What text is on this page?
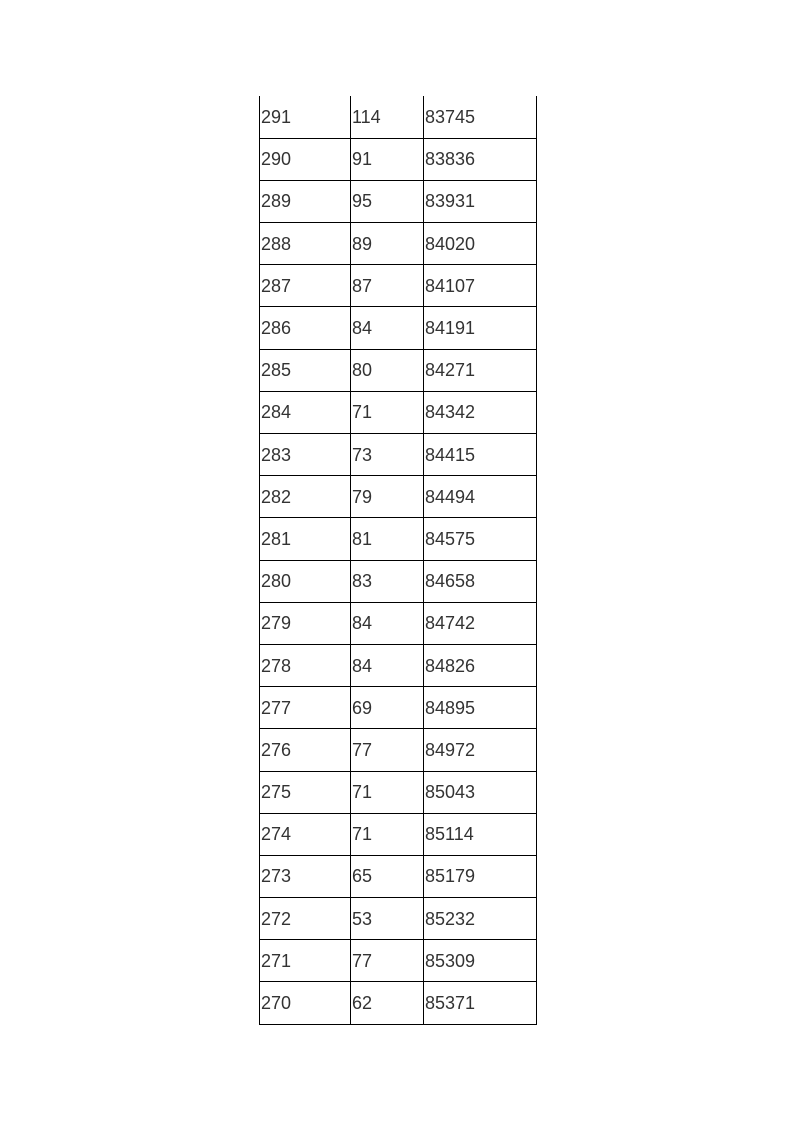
291	114	83745
290	91	83836
289	95	83931
288	89	84020
287	87	84107
286	84	84191
285	80	84271
284	71	84342
283	73	84415
282	79	84494
281	81	84575
280	83	84658
279	84	84742
278	84	84826
277	69	84895
276	77	84972
275	71	85043
274	71	85114
273	65	85179
272	53	85232
271	77	85309
270	62	85371
